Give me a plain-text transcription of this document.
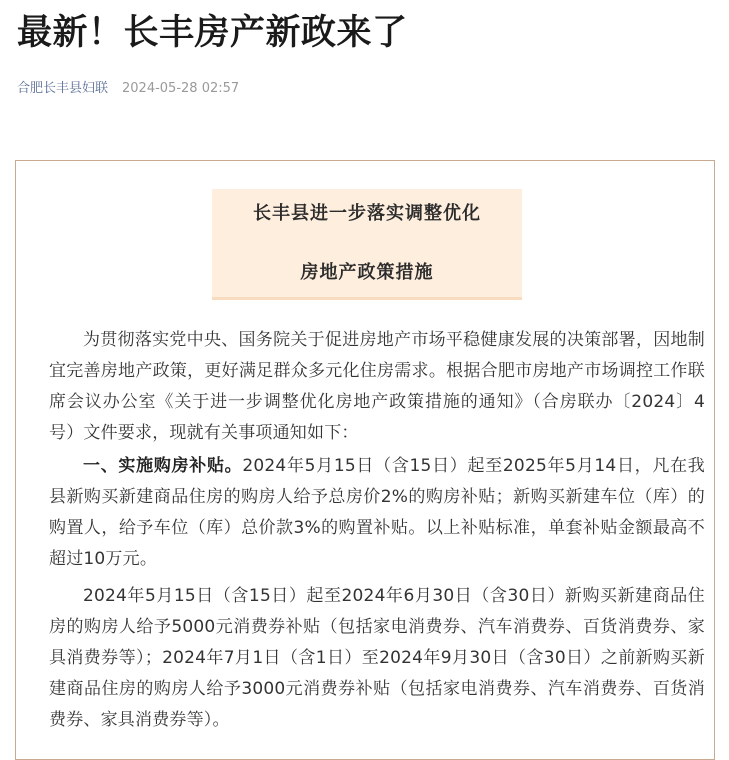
最新！长丰房产新政来了
合肥长丰县妇联 2024-05-28 02:57
长丰县进一步落实调整优化
房地产政策措施

为贯彻落实党中央、国务院关于促进房地产市场平稳健康发展的决策部署，因地制宜完善房地产政策，更好满足群众多元化住房需求。根据合肥市房地产市场调控工作联席会议办公室《关于进一步调整优化房地产政策措施的通知》（合房联办〔2024〕4号）文件要求，现就有关事项通知如下：

一、实施购房补贴。2024年5月15日（含15日）起至2025年5月14日，凡在我县新购买新建商品住房的购房人给予总房价2%的购房补贴；新购买新建车位（库）的购置人，给予车位（库）总价款3%的购置补贴。以上补贴标准，单套补贴金额最高不超过10万元。

2024年5月15日（含15日）起至2024年6月30日（含30日）新购买新建商品住房的购房人给予5000元消费券补贴（包括家电消费券、汽车消费券、百货消费券、家具消费券等）；2024年7月1日（含1日）至2024年9月30日（含30日）之前新购买新建商品住房的购房人给予3000元消费券补贴（包括家电消费券、汽车消费券、百货消费券、家具消费券等）。
